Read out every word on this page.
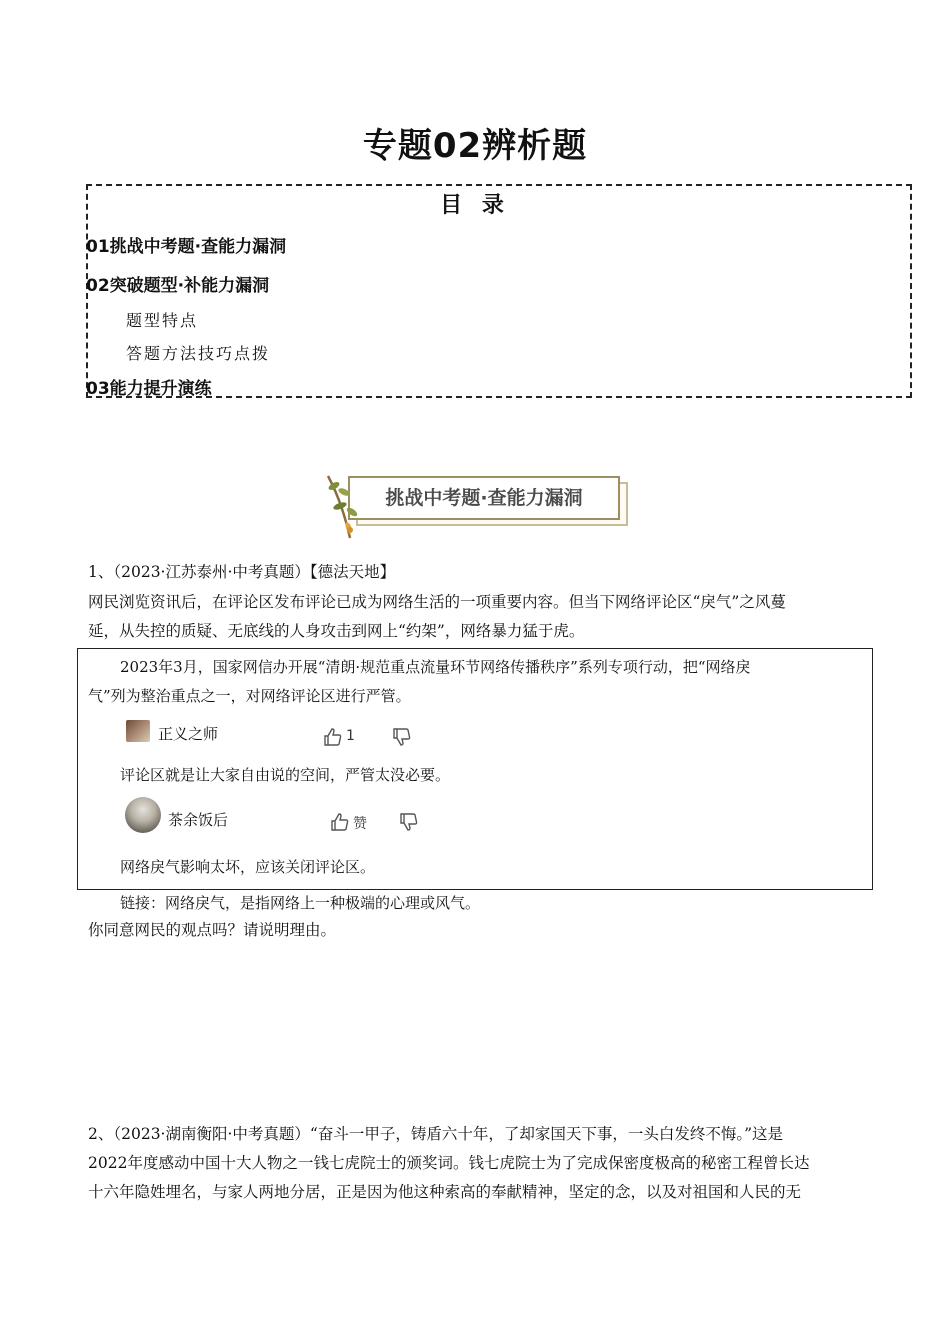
专题02辨析题
目 录
01挑战中考题·查能力漏洞
02突破题型·补能力漏洞
题型特点
答题方法技巧点拨
03能力提升演练
挑战中考题·查能力漏洞
1、（2023·江苏泰州·中考真题）【德法天地】
网民浏览资讯后，在评论区发布评论已成为网络生活的一项重要内容。但当下网络评论区“戾气”之风蔓
延，从失控的质疑、无底线的人身攻击到网上“约架”，网络暴力猛于虎。
2023年3月，国家网信办开展“清朗·规范重点流量环节网络传播秩序”系列专项行动，把“网络戾
气”列为整治重点之一，对网络评论区进行严管。
正义之师	1
评论区就是让大家自由说的空间，严管太没必要。
茶余饭后	赞
网络戾气影响太坏，应该关闭评论区。
链接：网络戾气，是指网络上一种极端的心理或风气。
你同意网民的观点吗？请说明理由。
2、（2023·湖南衡阳·中考真题）“奋斗一甲子，铸盾六十年，了却家国天下事，一头白发终不悔。”这是
2022年度感动中国十大人物之一钱七虎院士的颁奖词。钱七虎院士为了完成保密度极高的秘密工程曾长达
十六年隐姓埋名，与家人两地分居，正是因为他这种索高的奉献精神，坚定的念，以及对祖国和人民的无
